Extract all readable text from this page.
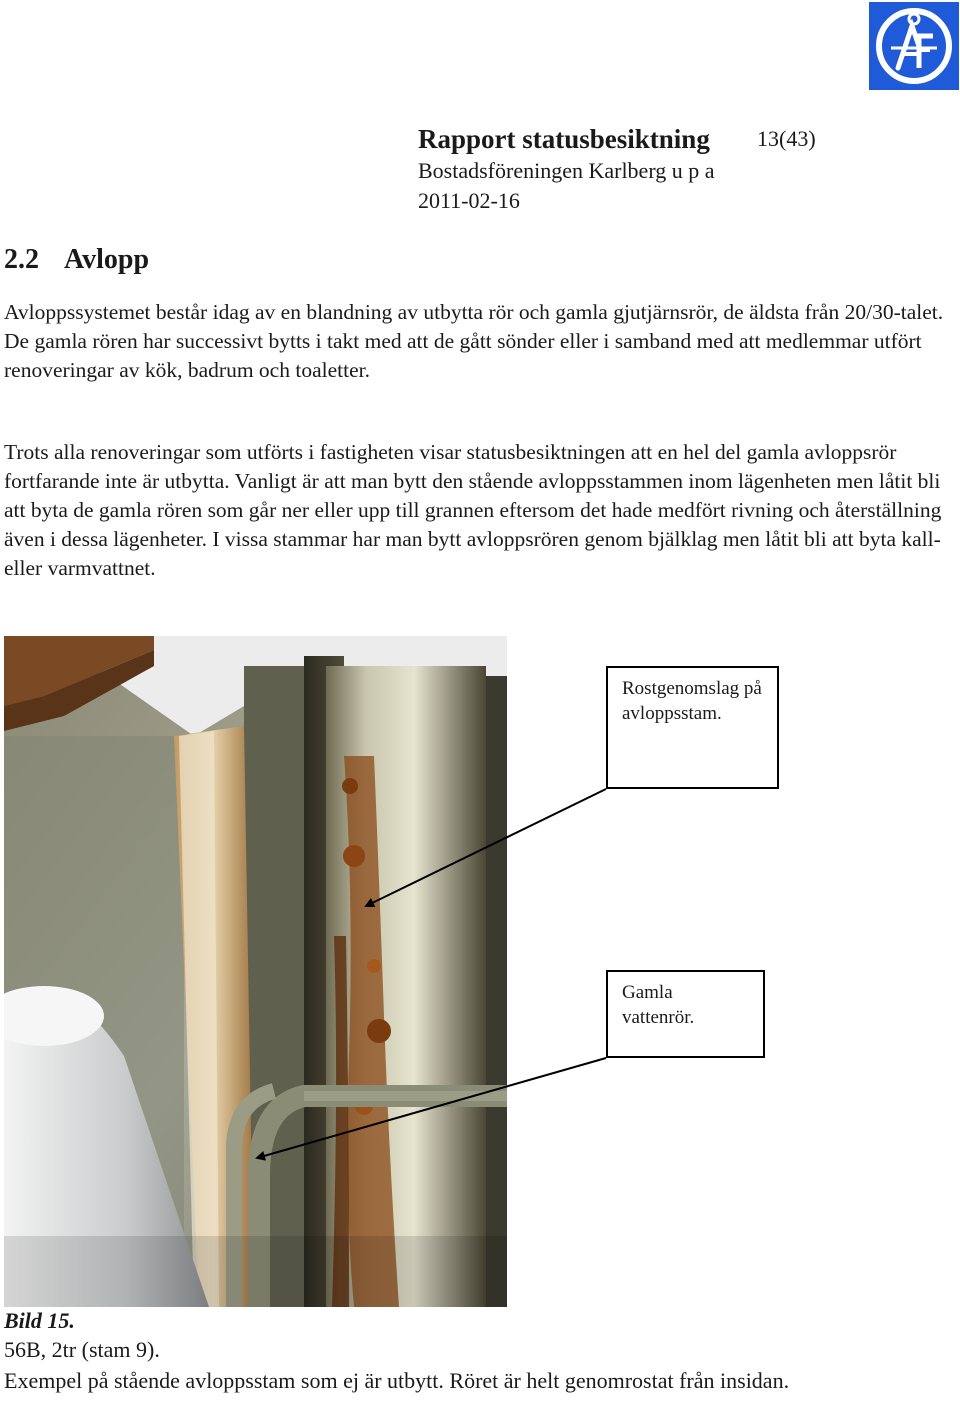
Rapport statusbesiktning 13(43)
Bostadsföreningen Karlberg u p a
2011-02-16
2.2 Avlopp

Avloppssystemet består idag av en blandning av utbytta rör och gamla gjutjärnsrör, de äldsta från 20/30-talet. De gamla rören har successivt bytts i takt med att de gått sönder eller i samband med att medlemmar utfört renoveringar av kök, badrum och toaletter.

Trots alla renoveringar som utförts i fastigheten visar statusbesiktningen att en hel del gamla avloppsrör fortfarande inte är utbytta. Vanligt är att man bytt den stående avloppsstammen inom lägenheten men låtit bli att byta de gamla rören som går ner eller upp till grannen eftersom det hade medfört rivning och återställning även i dessa lägenheter. I vissa stammar har man bytt avloppsrören genom bjälklag men låtit bli att byta kall- eller varmvattnet.

Rostgenomslag på avloppsstam.
Gamla vattenrör.
Bild 15.
56B, 2tr (stam 9).

Exempel på stående avloppsstam som ej är utbytt. Röret är helt genomrostat från insidan.
